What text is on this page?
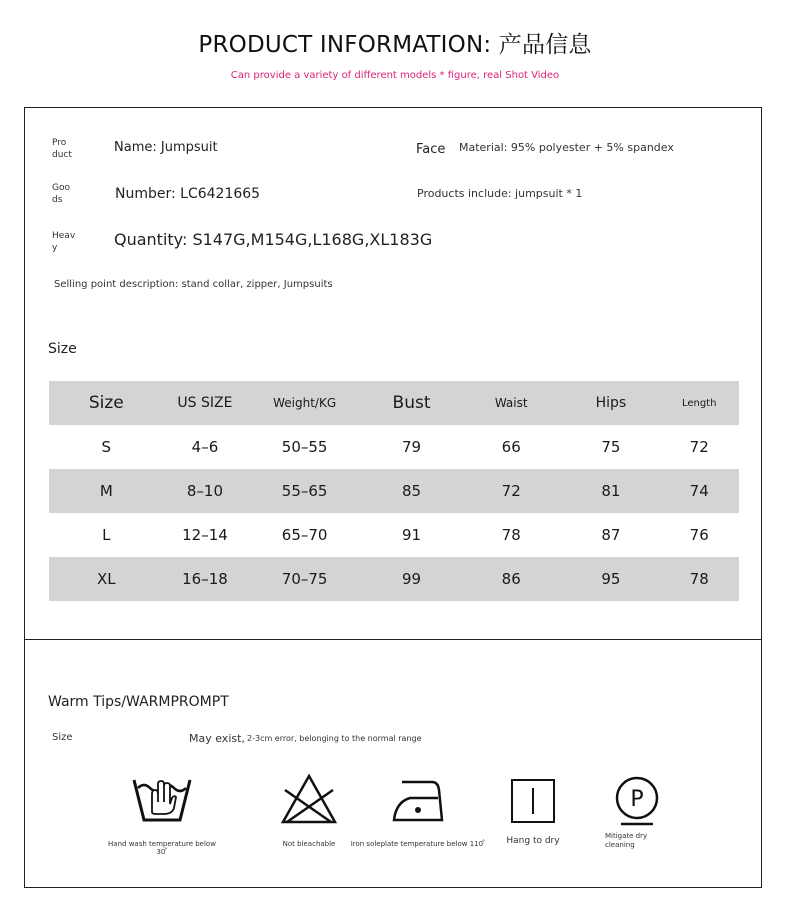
PRODUCT INFORMATION: 产品信息
Can provide a variety of different models * figure, real Shot Video
Pro
duct	Name: Jumpsuit	Face Material: 95% polyester + 5% spandex
Goo
ds	Number: LC6421665	Products include: jumpsuit * 1
Heav
y	Quantity: S147G,M154G,L168G,XL183G
Selling point description: stand collar, zipper, Jumpsuits
Size
Size	US SIZE	Weight/KG	Bust	Waist	Hips	Length
S	4–6	50–55	79	66	75	72
M	8–10	55–65	85	72	81	74
L	12–14	65–70	91	78	87	76
XL	16–18	70–75	99	86	95	78
Warm Tips/WARMPROMPT
Size	May exist, 2-3cm error, belonging to the normal range
Hand wash temperature below 30 ̊
Not bleachable	Iron soleplate temperature below 110 ̊	Hang to dry
P
Mitigate dry cleaning
